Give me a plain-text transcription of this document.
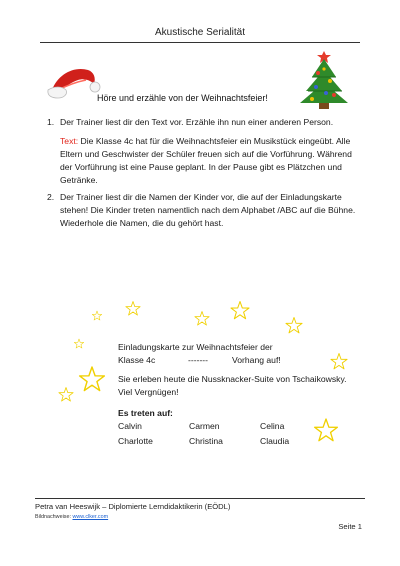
Akustische Serialität
Höre und erzähle von der Weihnachtsfeier!
1. Der Trainer liest dir den Text vor. Erzähle ihn nun einer anderen Person.

Text: Die Klasse 4c hat für die Weihnachtsfeier ein Musikstück eingeübt. Alle Eltern und Geschwister der Schüler freuen sich auf die Vorführung. Während der Vorführung ist eine Pause geplant. In der Pause gibt es Plätzchen und Getränke.

2. Der Trainer liest dir die Namen der Kinder vor, die auf der Einladungskarte stehen! Die Kinder treten namentlich nach dem Alphabet /ABC auf die Bühne. Wiederhole die Namen, die du gehört hast.

Einladungskarte zur Weihnachtsfeier der

Klasse 4c	-------	Vorhang auf!

Sie erleben heute die Nussknacker-Suite von Tschaikowsky. Viel Vergnügen!

Es treten auf:

Calvin	Carmen	Celina
Charlotte	Christina	Claudia
Petra van Heeswijk – Diplomierte Lerndidaktikerin (EÖDL)
Bildnachweise: www.clker.com
Seite 1
